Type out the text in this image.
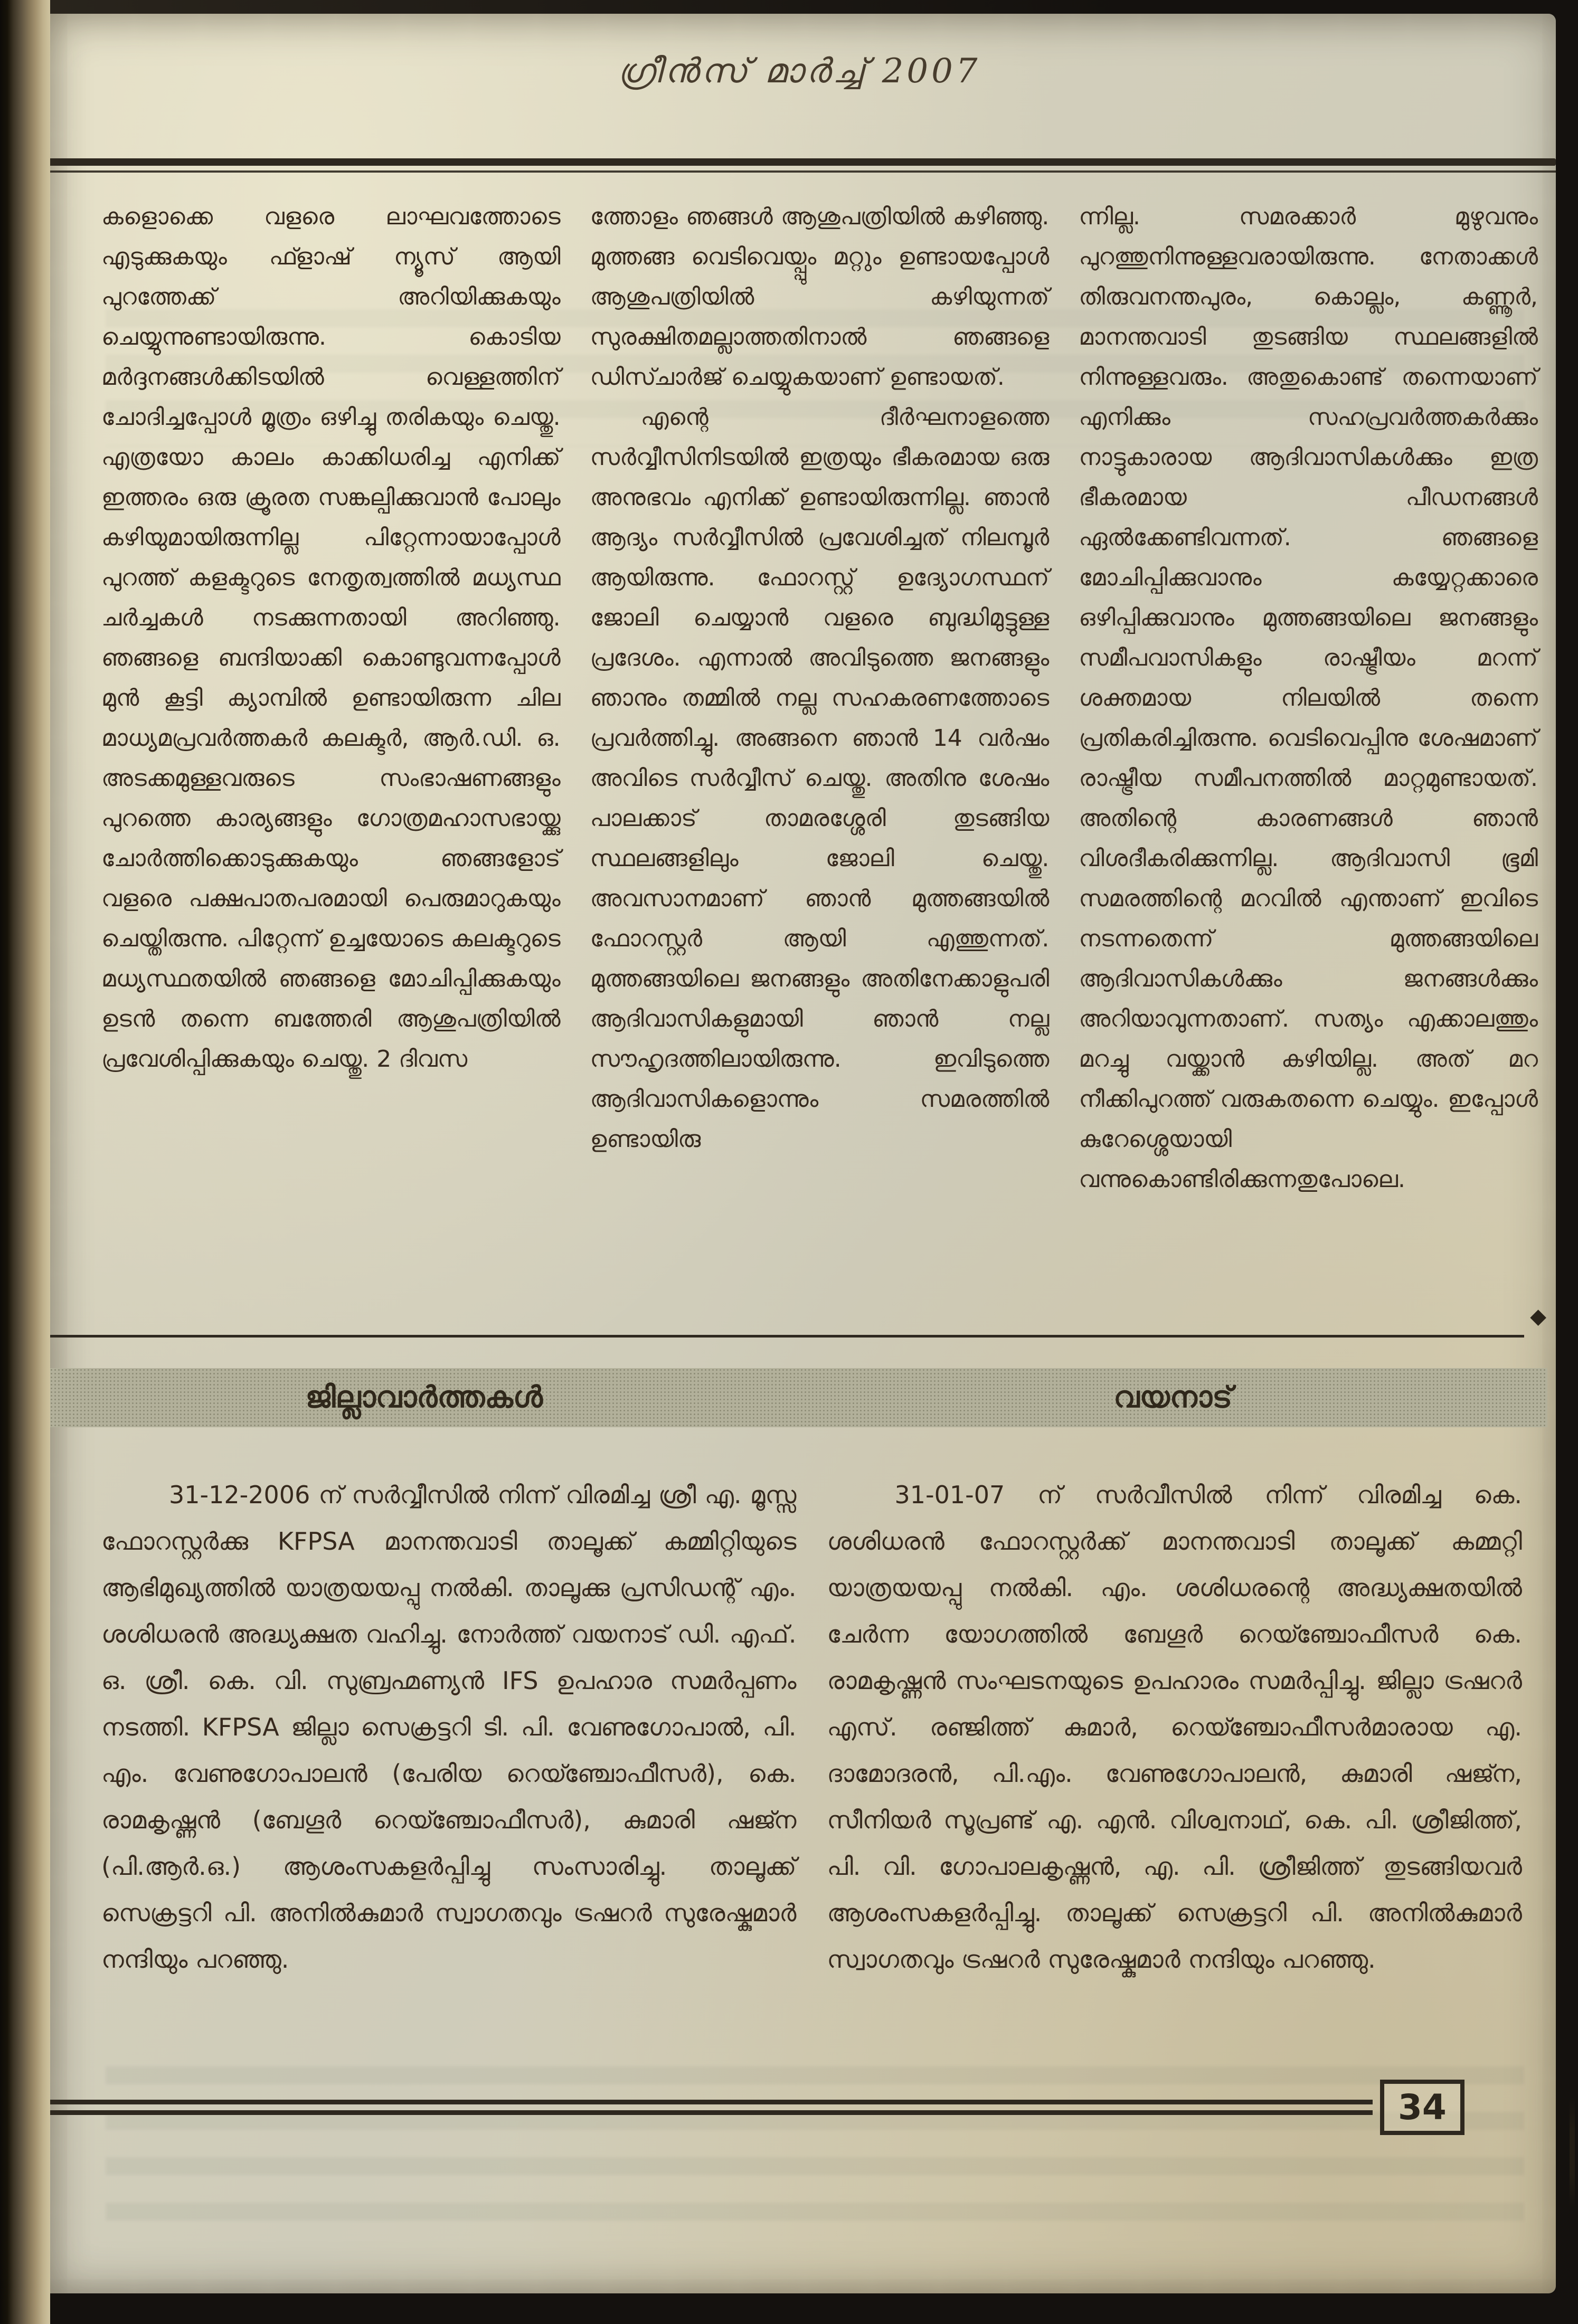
ഗ്രീൻസ് മാർച്ച് 2007

കളൊക്കെ വളരെ ലാഘവത്തോടെ എടുക്കുകയും ഫ്ളാഷ് ന്യൂസ് ആയി പുറത്തേക്ക് അറിയിക്കുകയും ചെയ്യുന്നുണ്ടായിരുന്നു. കൊടിയ മർദ്ദനങ്ങൾക്കിടയിൽ വെള്ളത്തിന് ചോദിച്ചപ്പോൾ മൂത്രം ഒഴിച്ചു തരികയും ചെയ്തു. എത്രയോ കാലം കാക്കിധരിച്ച എനിക്ക് ഇത്തരം ഒരു ക്രൂരത സങ്കല്പിക്കുവാൻ പോലും കഴിയുമായിരുന്നില്ല പിറ്റേന്നായാപ്പോൾ പുറത്ത് കളക്ടറുടെ നേതൃത്വത്തിൽ മധ്യസ്ഥ ചർച്ചകൾ നടക്കുന്നതായി അറിഞ്ഞു. ഞങ്ങളെ ബന്ദിയാക്കി കൊണ്ടുവന്നപ്പോൾ മുൻ കൂട്ടി ക്യാമ്പിൽ ഉണ്ടായിരുന്ന ചില മാധ്യമപ്രവർത്തകർ കലക്ടർ, ആർ.ഡി. ഒ. അടക്കമുള്ളവരുടെ സംഭാഷണങ്ങളും പുറത്തെ കാര്യങ്ങളും ഗോത്രമഹാസഭായ്ക്കു ചോർത്തിക്കൊടുക്കുകയും ഞങ്ങളോട് വളരെ പക്ഷപാതപരമായി പെരുമാറുകയും ചെയ്തിരുന്നു. പിറ്റേന്ന് ഉച്ചയോടെ കലക്ടറുടെ മധ്യസ്ഥതയിൽ ഞങ്ങളെ മോചിപ്പിക്കുകയും ഉടൻ തന്നെ ബത്തേരി ആശുപത്രിയിൽ പ്രവേശിപ്പിക്കുകയും ചെയ്തു. 2 ദിവസ

ത്തോളം ഞങ്ങൾ ആശുപത്രിയിൽ കഴിഞ്ഞു. മുത്തങ്ങ വെടിവെയ്പ്പും മറ്റും ഉണ്ടായപ്പോൾ ആശുപത്രിയിൽ കഴിയുന്നത് സുരക്ഷിതമല്ലാത്തതിനാൽ ഞങ്ങളെ ഡിസ്ചാർജ് ചെയ്യുകയാണ് ഉണ്ടായത്.

എന്റെ ദീർഘനാളത്തെ സർവ്വീസിനിടയിൽ ഇത്രയും ഭീകരമായ ഒരു അനുഭവം എനിക്ക് ഉണ്ടായിരുന്നില്ല. ഞാൻ ആദ്യം സർവ്വീസിൽ പ്രവേശിച്ചത് നിലമ്പൂർ ആയിരുന്നു. ഫോറസ്റ്റ് ഉദ്യോഗസ്ഥന് ജോലി ചെയ്യാൻ വളരെ ബുദ്ധിമുട്ടുള്ള പ്രദേശം. എന്നാൽ അവിടുത്തെ ജനങ്ങളും ഞാനും തമ്മിൽ നല്ല സഹകരണത്തോടെ പ്രവർത്തിച്ചു. അങ്ങനെ ഞാൻ 14 വർഷം അവിടെ സർവ്വീസ് ചെയ്തു. അതിനു ശേഷം പാലക്കാട് താമരശ്ശേരി തുടങ്ങിയ സ്ഥലങ്ങളിലും ജോലി ചെയ്തു. അവസാനമാണ് ഞാൻ മുത്തങ്ങയിൽ ഫോറസ്റ്റർ ആയി എത്തുന്നത്. മുത്തങ്ങയിലെ ജനങ്ങളും അതിനേക്കാളുപരി ആദിവാസികളുമായി ഞാൻ നല്ല സൗഹൃദത്തിലായിരുന്നു. ഇവിടുത്തെ ആദിവാസികളൊന്നും സമരത്തിൽ ഉണ്ടായിരു

ന്നില്ല. സമരക്കാർ മുഴുവനും പുറത്തുനിന്നുള്ളവരായിരുന്നു. നേതാക്കൾ തിരുവനന്തപുരം, കൊല്ലം, കണ്ണൂർ, മാനന്തവാടി തുടങ്ങിയ സ്ഥലങ്ങളിൽ നിന്നുള്ളവരും. അതുകൊണ്ട് തന്നെയാണ് എനിക്കും സഹപ്രവർത്തകർക്കും നാട്ടുകാരായ ആദിവാസികൾക്കും ഇത്ര ഭീകരമായ പീഡനങ്ങൾ ഏൽക്കേണ്ടിവന്നത്. ഞങ്ങളെ മോചിപ്പിക്കുവാനും കയ്യേറ്റക്കാരെ ഒഴിപ്പിക്കുവാനും മുത്തങ്ങയിലെ ജനങ്ങളും സമീപവാസികളും രാഷ്ട്രീയം മറന്ന് ശക്തമായ നിലയിൽ തന്നെ പ്രതികരിച്ചിരുന്നു. വെടിവെപ്പിനു ശേഷമാണ് രാഷ്ട്രീയ സമീപനത്തിൽ മാറ്റമുണ്ടായത്. അതിന്റെ കാരണങ്ങൾ ഞാൻ വിശദീകരിക്കുന്നില്ല. ആദിവാസി ഭൂമി സമരത്തിന്റെ മറവിൽ എന്താണ് ഇവിടെ നടന്നതെന്ന് മുത്തങ്ങയിലെ ആദിവാസികൾക്കും ജനങ്ങൾക്കും അറിയാവുന്നതാണ്. സത്യം എക്കാലത്തും മറച്ചു വയ്ക്കാൻ കഴിയില്ല. അത് മറ നീക്കിപുറത്ത് വരുകതന്നെ ചെയ്യും. ഇപ്പോൾ കുറേശ്ശെയായി വന്നുകൊണ്ടിരിക്കുന്നതുപോലെ.

◆
ജില്ലാവാർത്തകൾ	വയനാട്

31-12-2006 ന് സർവ്വീസിൽ നിന്ന് വിരമിച്ച ശ്രീ എ. മൂസ്സ ഫോറസ്റ്റർക്കു KFPSA മാനന്തവാടി താലൂക്ക് കമ്മിറ്റിയുടെ ആഭിമുഖ്യത്തിൽ യാത്രയയപ്പു നൽകി. താലൂക്കു പ്രസിഡന്റ് എം. ശശിധരൻ അദ്ധ്യക്ഷത വഹിച്ചു. നോർത്ത് വയനാട് ഡി. എഫ്. ഒ. ശ്രീ. കെ. വി. സുബ്രഹ്മണ്യൻ IFS ഉപഹാര സമർപ്പണം നടത്തി. KFPSA ജില്ലാ സെക്രട്ടറി ടി. പി. വേണുഗോപാൽ, പി. എം. വേണുഗോപാലൻ (പേരിയ റെയ്ഞ്ചോഫീസർ), കെ. രാമകൃഷ്ണൻ (ബേഗൂർ റെയ്ഞ്ചോഫീസർ), കുമാരി ഷജ്ന (പി.ആർ.ഒ.) ആശംസകളർപ്പിച്ചു സംസാരിച്ചു. താലൂക്ക് സെക്രട്ടറി പി. അനിൽകുമാർ സ്വാഗതവും ട്രഷറർ സുരേഷ്കുമാർ നന്ദിയും പറഞ്ഞു.

31-01-07 ന് സർവീസിൽ നിന്ന് വിരമിച്ച കെ. ശശിധരൻ ഫോറസ്റ്റർക്ക് മാനന്തവാടി താലൂക്ക് കമ്മറ്റി യാത്രയയപ്പു നൽകി. എം. ശശിധരന്റെ അദ്ധ്യക്ഷതയിൽ ചേർന്ന യോഗത്തിൽ ബേഗൂർ റെയ്ഞ്ചോഫീസർ കെ. രാമകൃഷ്ണൻ സംഘടനയുടെ ഉപഹാരം സമർപ്പിച്ചു. ജില്ലാ ട്രഷറർ എസ്. രഞ്ജിത്ത് കുമാർ, റെയ്ഞ്ചോഫീസർമാരായ എ. ദാമോദരൻ, പി.എം. വേണുഗോപാലൻ, കുമാരി ഷജ്ന, സീനിയർ സൂപ്രണ്ട് എ. എൻ. വിശ്വനാഥ്, കെ. പി. ശ്രീജിത്ത്, പി. വി. ഗോപാലകൃഷ്ണൻ, എ. പി. ശ്രീജിത്ത് തുടങ്ങിയവർ ആശംസകളർപ്പിച്ചു. താലൂക്ക് സെക്രട്ടറി പി. അനിൽകുമാർ സ്വാഗതവും ട്രഷറർ സുരേഷ്കുമാർ നന്ദിയും പറഞ്ഞു.

34
